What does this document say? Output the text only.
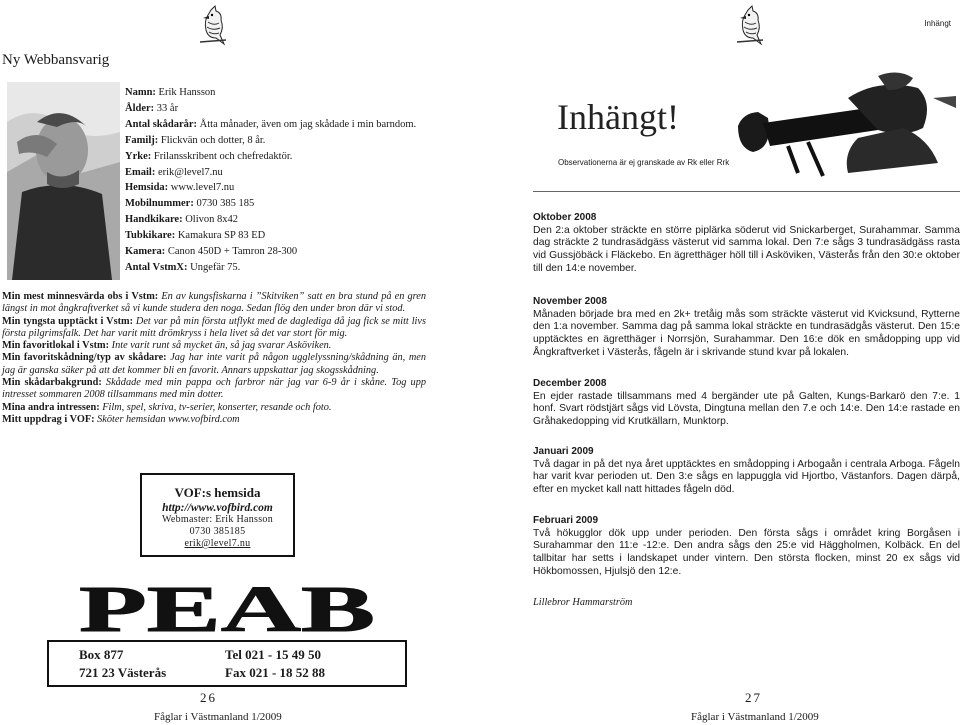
Ny Webbansvarig
Namn: Erik Hansson
Ålder: 33 år
Antal skådarår: Åtta månader, även om jag skådade i min barndom.
Familj: Flickvän och dotter, 8 år.
Yrke: Frilansskribent och chefredaktör.
Email: erik@level7.nu
Hemsida: www.level7.nu
Mobilnummer: 0730 385 185
Handkikare: Olivon 8x42
Tubkikare: Kamakura SP 83 ED
Kamera: Canon 450D + Tamron 28-300
Antal VstmX: Ungefär 75.

Min mest minnesvärda obs i Vstm: En av kungsfiskarna i ”Skitviken” satt en bra stund på en gren längst in mot ångkraftverket så vi kunde studera den noga. Sedan flög den under bron där vi stod.

Min tyngsta upptäckt i Vstm: Det var på min första utflykt med de daglediga då jag fick se mitt livs första pilgrimsfalk. Det har varit mitt drömkryss i hela livet så det var stort för mig.

Min favoritlokal i Vstm: Inte varit runt så mycket än, så jag svarar Asköviken.

Min favoritskådning/typ av skådare: Jag har inte varit på någon ugglelyssning/skådning än, men jag är ganska säker på att det kommer bli en favorit. Annars uppskattar jag skogsskådning.

Min skådarbakgrund: Skådade med min pappa och farbror när jag var 6-9 år i skåne. Tog upp intresset sommaren 2008 tillsammans med min dotter.

Mina andra intressen: Film, spel, skriva, tv-serier, konserter, resande och foto.

Mitt uppdrag i VOF: Sköter hemsidan www.vofbird.com

VOF:s hemsida
http://www.vofbird.com
Webmaster: Erik Hansson
0730 385185
erik@level7.nu
PEAB
Box 877
721 23 Västerås
Tel 021 - 15 49 50
Fax 021 - 18 52 88
26
Fåglar i Västmanland 1/2009
Inhängt
Inhängt!
Observationerna är ej granskade av Rk eller Rrk
Oktober 2008

Den 2:a oktober sträckte en större piplärka söderut vid Snickarberget, Surahammar. Samma dag sträckte 2 tundrasädgäss västerut vid samma lokal. Den 7:e sågs 3 tundrasädgäss rasta vid Gussjöbäck i Fläckebo. En ägretthäger höll till i Asköviken, Västerås från den 30:e oktober till den 14:e november.

November 2008

Månaden började bra med en 2k+ tretåig mås som sträckte västerut vid Kvicksund, Rytterne den 1:a november. Samma dag på samma lokal sträckte en tundrasädgås västerut. Den 15:e upptäcktes en ägretthäger i Norrsjön, Surahammar. Den 16:e dök en smådopping upp vid Ångkraftverket i Västerås, fågeln är i skrivande stund kvar på lokalen.

December 2008

En ejder rastade tillsammans med 4 bergänder ute på Galten, Kungs-Barkarö den 7:e. 1 honf. Svart rödstjärt sågs vid Lövsta, Dingtuna mellan den 7.e och 14:e. Den 14:e rastade en Gråhakedopping vid Krutkällarn, Munktorp.

Januari 2009

Två dagar in på det nya året upptäcktes en smådopping i Arbogaån i centrala Arboga. Fågeln har varit kvar perioden ut. Den 3:e sågs en lappuggla vid Hjortbo, Västanfors. Dagen därpå, efter en mycket kall natt hittades fågeln död.

Februari 2009

Två hökugglor dök upp under perioden. Den första sågs i området kring Borgåsen i Surahammar den 11:e -12:e. Den andra sågs den 25:e vid Häggholmen, Kolbäck. En del tallbitar har setts i landskapet under vintern. Den största flocken, minst 20 ex sågs vid Hökbomossen, Hjulsjö den 12:e.

Lillebror Hammarström
27
Fåglar i Västmanland 1/2009
